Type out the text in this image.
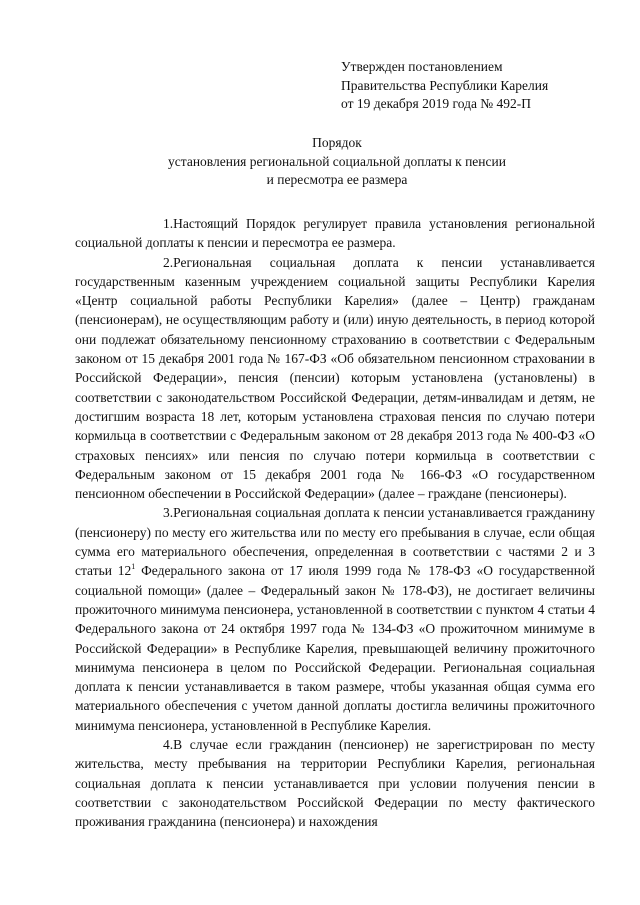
Утвержден постановлением
Правительства Республики Карелия
от 19 декабря 2019 года № 492-П
Порядок
установления региональной социальной доплаты к пенсии
и пересмотра ее размера

1.Настоящий Порядок регулирует правила установления региональной социальной доплаты к пенсии и пересмотра ее размера.

2.Региональная социальная доплата к пенсии устанавливается государственным казенным учреждением социальной защиты Республики Карелия «Центр социальной работы Республики Карелия» (далее – Центр) гражданам (пенсионерам), не осуществляющим работу и (или) иную деятельность, в период которой они подлежат обязательному пенсионному страхованию в соответствии с Федеральным законом от 15 декабря 2001 года № 167-ФЗ «Об обязательном пенсионном страховании в Российской Федерации», пенсия (пенсии) которым установлена (установлены) в соответствии с законодательством Российской Федерации, детям-инвалидам и детям, не достигшим возраста 18 лет, которым установлена страховая пенсия по случаю потери кормильца в соответствии с Федеральным законом от 28 декабря 2013 года № 400-ФЗ «О страховых пенсиях» или пенсия по случаю потери кормильца в соответствии с Федеральным законом от 15 декабря 2001 года № 166-ФЗ «О государственном пенсионном обеспечении в Российской Федерации» (далее – граждане (пенсионеры).

3.Региональная социальная доплата к пенсии устанавливается гражданину (пенсионеру) по месту его жительства или по месту его пребывания в случае, если общая сумма его материального обеспечения, определенная в соответствии с частями 2 и 3 статьи $12^1$ Федерального закона от 17 июля 1999 года № 178-ФЗ «О государственной социальной помощи» (далее – Федеральный закон № 178-ФЗ), не достигает величины прожиточного минимума пенсионера, установленной в соответствии с пунктом 4 статьи 4 Федерального закона от 24 октября 1997 года № 134-ФЗ «О прожиточном минимуме в Российской Федерации» в Республике Карелия, превышающей величину прожиточного минимума пенсионера в целом по Российской Федерации. Региональная социальная доплата к пенсии устанавливается в таком размере, чтобы указанная общая сумма его материального обеспечения с учетом данной доплаты достигла величины прожиточного минимума пенсионера, установленной в Республике Карелия.

4.В случае если гражданин (пенсионер) не зарегистрирован по месту жительства, месту пребывания на территории Республики Карелия, региональная социальная доплата к пенсии устанавливается при условии получения пенсии в соответствии с законодательством Российской Федерации по месту фактического проживания гражданина (пенсионера) и нахождения
